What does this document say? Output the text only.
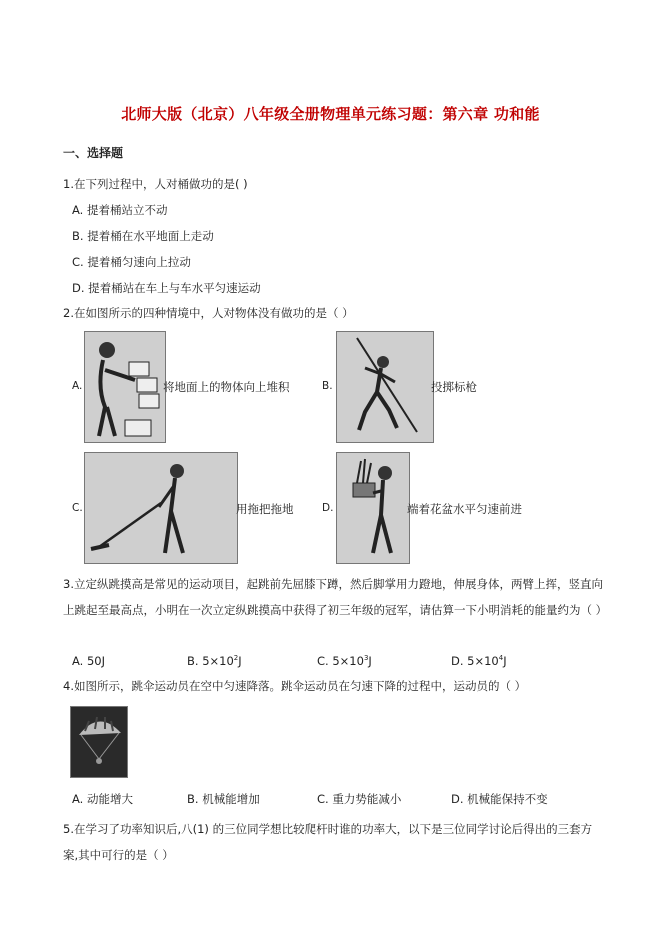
北师大版（北京）八年级全册物理单元练习题：第六章 功和能
一、选择题
1.在下列过程中，人对桶做功的是( )
A. 提着桶站立不动
B. 提着桶在水平地面上走动
C. 提着桶匀速向上拉动
D. 提着桶站在车上与车水平匀速运动
2.在如图所示的四种情境中，人对物体没有做功的是（ ）
A.	将地面上的物体向上堆积	B.	投掷标枪
C.	用拖把拖地	D.	端着花盆水平匀速前进
3.立定纵跳摸高是常见的运动项目，起跳前先屈膝下蹲，然后脚掌用力蹬地，伸展身体，两臂上挥，竖直向上跳起至最高点，小明在一次立定纵跳摸高中获得了初三年级的冠军，请估算一下小明消耗的能量约为（ ）
A. 50J	B. $5\times 10^2J$	C. $5\times 10^3J$	D. $5\times 10^4J$
4.如图所示，跳伞运动员在空中匀速降落。跳伞运动员在匀速下降的过程中，运动员的（ ）
A. 动能增大	B. 机械能增加	C. 重力势能减小	D. 机械能保持不变
5.在学习了功率知识后,八(1) 的三位同学想比较爬杆时谁的功率大，以下是三位同学讨论后得出的三套方案,其中可行的是（ ）
